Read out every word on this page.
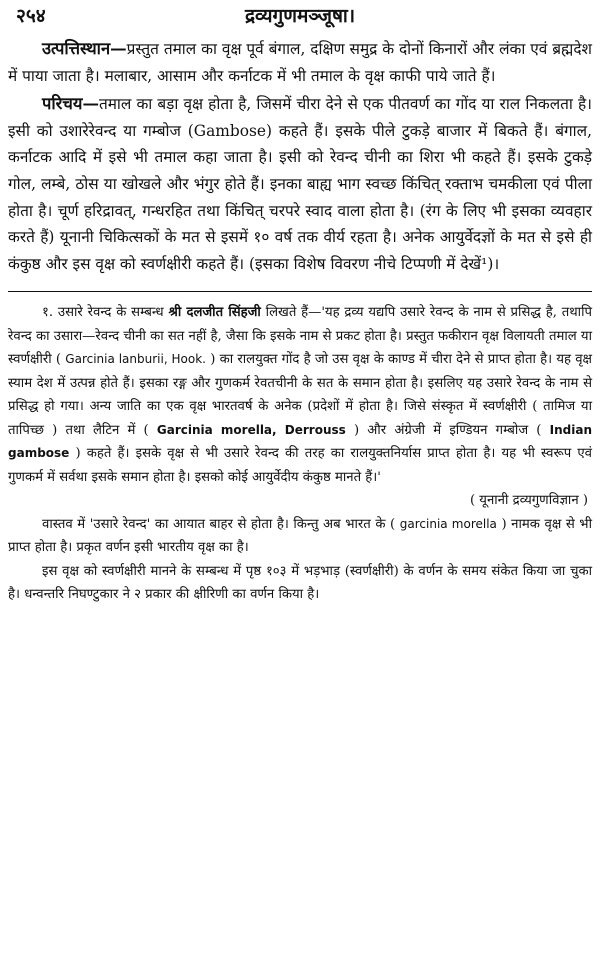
२५४	द्रव्यगुणमञ्जूषा।

उत्पत्तिस्थान—प्रस्तुत तमाल का वृक्ष पूर्व बंगाल, दक्षिण समुद्र के दोनों किनारों और लंका एवं ब्रह्मदेश में पाया जाता है। मलाबार, आसाम और कर्नाटक में भी तमाल के वृक्ष काफी पाये जाते हैं।

परिचय—तमाल का बड़ा वृक्ष होता है, जिसमें चीरा देने से एक पीतवर्ण का गोंद या राल निकलता है। इसी को उशारेरेवन्द या गम्बोज (Gambose) कहते हैं। इसके पीले टुकड़े बाजार में बिकते हैं। बंगाल, कर्नाटक आदि में इसे भी तमाल कहा जाता है। इसी को रेवन्द चीनी का शिरा भी कहते हैं। इसके टुकड़े गोल, लम्बे, ठोस या खोखले और भंगुर होते हैं। इनका बाह्य भाग स्वच्छ किंचित् रक्ताभ चमकीला एवं पीला होता है। चूर्ण हरिद्रावत्, गन्धरहित तथा किंचित् चरपरे स्वाद वाला होता है। (रंग के लिए भी इसका व्यवहार करते हैं) यूनानी चिकित्सकों के मत से इसमें १० वर्ष तक वीर्य रहता है। अनेक आयुर्वेदज्ञों के मत से इसे ही कंकुष्ठ और इस वृक्ष को स्वर्णक्षीरी कहते हैं। (इसका विशेष विवरण नीचे टिप्पणी में देखें¹)।

१. उसारे रेवन्द के सम्बन्ध श्री दलजीत सिंहजी लिखते हैं—'यह द्रव्य यद्यपि उसारे रेवन्द के नाम से प्रसिद्ध है, तथापि रेवन्द का उसारा—रेवन्द चीनी का सत नहीं है, जैसा कि इसके नाम से प्रकट होता है। प्रस्तुत फकीरान वृक्ष विलायती तमाल या स्वर्णक्षीरी ( Garcinia lanburii, Hook. ) का रालयुक्त गोंद है जो उस वृक्ष के काण्ड में चीरा देने से प्राप्त होता है। यह वृक्ष स्याम देश में उत्पन्न होते हैं। इसका रङ्ग और गुणकर्म रेवतचीनी के सत के समान होता है। इसलिए यह उसारे रेवन्द के नाम से प्रसिद्ध हो गया। अन्य जाति का एक वृक्ष भारतवर्ष के अनेक (प्रदेशों में होता है। जिसे संस्कृत में स्वर्णक्षीरी ( तामिज या तापिच्छ ) तथा लैटिन में ( Garcinia morella, Derrouss ) और अंग्रेजी में इण्डियन गम्बोज ( Indian gambose ) कहते हैं। इसके वृक्ष से भी उसारे रेवन्द की तरह का रालयुक्तनिर्यास प्राप्त होता है। यह भी स्वरूप एवं गुणकर्म में सर्वथा इसके समान होता है। इसको कोई आयुर्वेदीय कंकुष्ठ मानते हैं।'

( यूनानी द्रव्यगुणविज्ञान )

वास्तव में 'उसारे रेवन्द' का आयात बाहर से होता है। किन्तु अब भारत के ( garcinia morella ) नामक वृक्ष से भी प्राप्त होता है। प्रकृत वर्णन इसी भारतीय वृक्ष का है।

इस वृक्ष को स्वर्णक्षीरी मानने के सम्बन्ध में पृष्ठ १०३ में भड़भाड़ (स्वर्णक्षीरी) के वर्णन के समय संकेत किया जा चुका है। धन्वन्तरि निघण्टुकार ने २ प्रकार की क्षीरिणी का वर्णन किया है।
